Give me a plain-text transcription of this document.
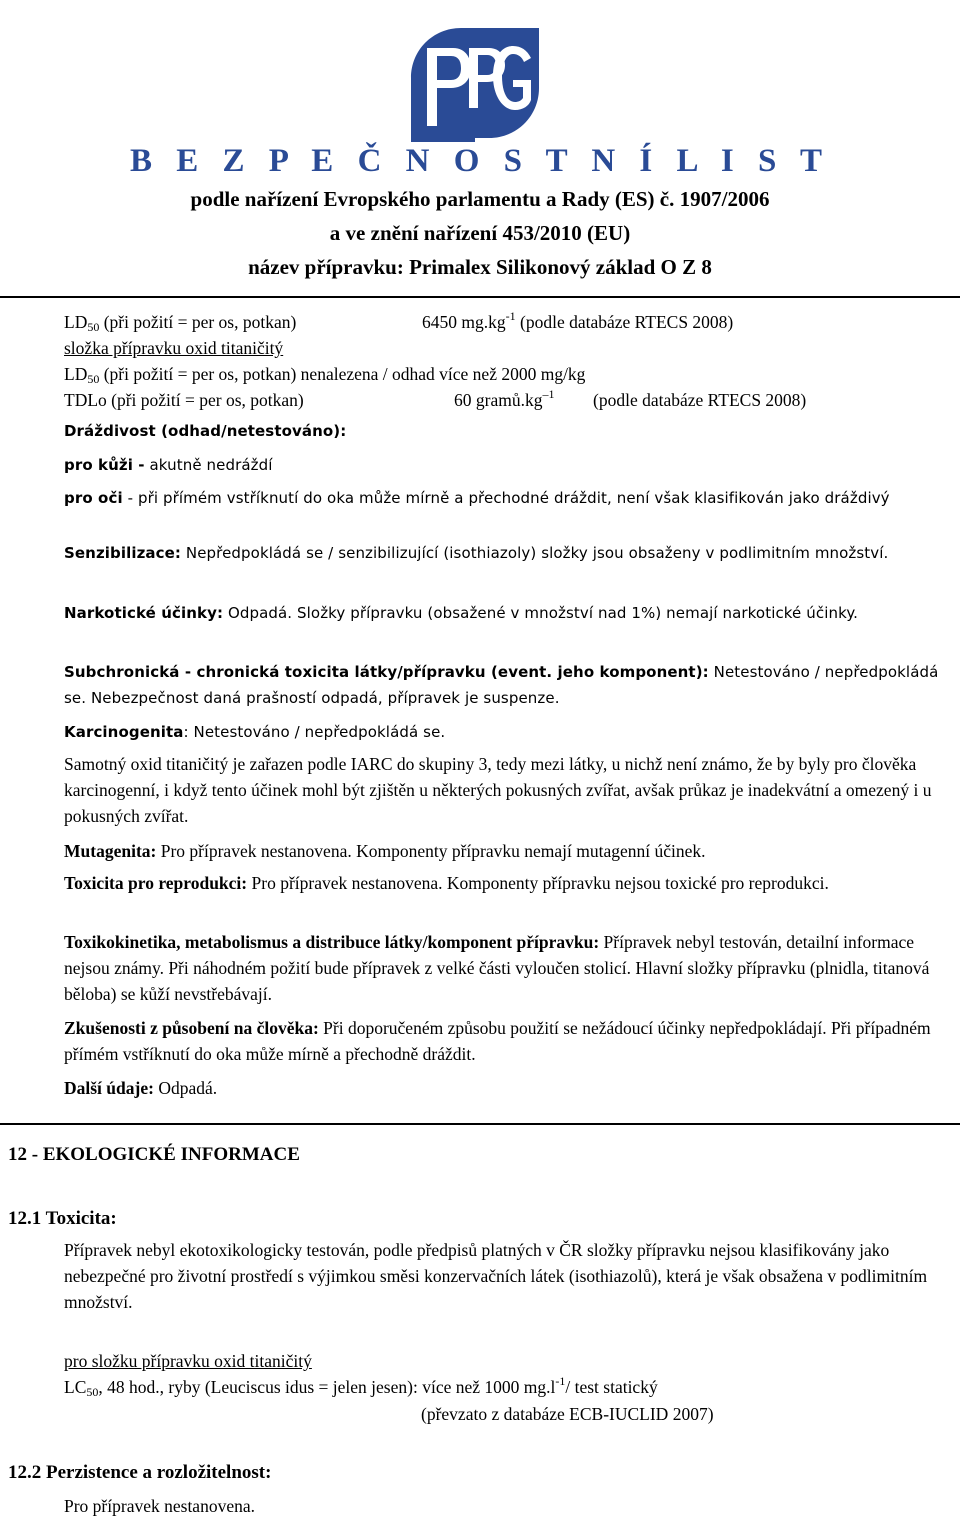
B E Z P E Č N O S T N Í L I S T
podle nařízení Evropského parlamentu a Rady (ES) č. 1907/2006
a ve znění nařízení 453/2010 (EU)
název přípravku: Primalex Silikonový základ O Z 8
$LD_{50}$ (při požití = per os, potkan)	6450 $mg.kg^{-1}$ (podle databáze RTECS 2008)
složka přípravku oxid titaničitý
$LD_{50}$ (při požití = per os, potkan) nenalezena / odhad více než 2000 mg/kg
TDLo (při požití = per os, potkan)	60 $gramů.kg^{-1}$ (podle databáze RTECS 2008)
Dráždivost (odhad/netestováno):
pro kůži - akutně nedráždí
pro oči - při přímém vstříknutí do oka může mírně a přechodné dráždit, není však klasifikován jako dráždivý
Senzibilizace: Nepředpokládá se / senzibilizující (isothiazoly) složky jsou obsaženy v podlimitním množství.
Narkotické účinky: Odpadá. Složky přípravku (obsažené v množství nad 1%) nemají narkotické účinky.
Subchronická - chronická toxicita látky/přípravku (event. jeho komponent): Netestováno / nepředpokládá se. Nebezpečnost daná prašností odpadá, přípravek je suspenze.
Karcinogenita: Netestováno / nepředpokládá se.
Samotný oxid titaničitý je zařazen podle IARC do skupiny 3, tedy mezi látky, u nichž není známo, že by byly pro člověka karcinogenní, i když tento účinek mohl být zjištěn u některých pokusných zvířat, avšak průkaz je inadekvátní a omezený i u pokusných zvířat.
Mutagenita: Pro přípravek nestanovena. Komponenty přípravku nemají mutagenní účinek.
Toxicita pro reprodukci: Pro přípravek nestanovena. Komponenty přípravku nejsou toxické pro reprodukci.
Toxikokinetika, metabolismus a distribuce látky/komponent přípravku: Přípravek nebyl testován, detailní informace nejsou známy. Při náhodném požití bude přípravek z velké části vyloučen stolicí. Hlavní složky přípravku (plnidla, titanová běloba) se kůží nevstřebávají.
Zkušenosti z působení na člověka: Při doporučeném způsobu použití se nežádoucí účinky nepředpokládají. Při případném přímém vstříknutí do oka může mírně a přechodně dráždit.
Další údaje: Odpadá.
12 - EKOLOGICKÉ INFORMACE
12.1 Toxicita:
Přípravek nebyl ekotoxikologicky testován, podle předpisů platných v ČR složky přípravku nejsou klasifikovány jako nebezpečné pro životní prostředí s výjimkou směsi konzervačních látek (isothiazolů), která je však obsažena v podlimitním množství.
pro složku přípravku oxid titaničitý
$LC_{50}$, 48 hod., ryby (Leuciscus idus = jelen jesen): více než 1000 $mg.l^{-1}/$ test statický
(převzato z databáze ECB-IUCLID 2007)
12.2 Perzistence a rozložitelnost:
Pro přípravek nestanovena.
